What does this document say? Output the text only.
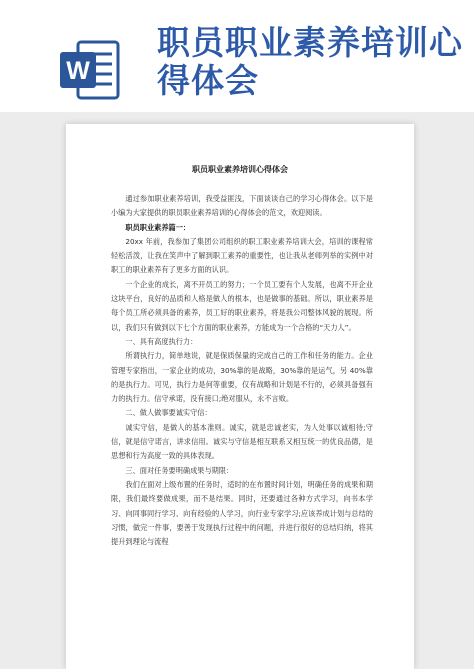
W
职员职业素养培训心得体会
职员职业素养培训心得体会

通过参加职业素养培训，我受益匪浅，下面谈谈自己的学习心得体会。以下是小编为大家提供的职员职业素养培训的心得体会的范文，欢迎阅读。

职员职业素养篇一：

20xx 年前，我参加了集团公司组织的职工职业素养培训大会，培训的课程常轻松活泼，让我在笑声中了解到职工素养的重要性，也让我从老师列举的实例中对职工的职业素养有了更多方面的认识。

一个企业的成长，离不开员工的努力；一个员工要有个人发展，也离不开企业这块平台，良好的品质和人格是做人的根本，也是做事的基础。所以，职业素养是每个员工所必须具备的素养，员工好的职业素养，将是我公司整体风貌的展现。所以，我们只有做到以下七个方面的职业素养，方能成为一个合格的“天力人”。

一、具有高度执行力：

所谓执行力，简单地说，就是保质保量的完成自己的工作和任务的能力。企业管理专家指出，一家企业的成功，30%靠的是战略，30%靠的是运气，另 40%靠的是执行力。可见，执行力是何等重要，仅有战略和计划是不行的，必须具备强有力的执行力。信守承诺，没有接口;绝对服从，永不言败。

二、做人做事要诚实守信：

诚实守信，是做人的基本准则。诚实，就是忠诚老实，为人处事以诚相待;守信，就是信守诺言，讲求信用。诚实与守信是相互联系又相互统一的优良品德，是思想和行为高度一致的具体表现。

三、面对任务要明确成果与期限：

我们在面对上级布置的任务时，适时的在布置时间计划，明确任务的成果和期限，我们最终要做成果，而不是结果。同时，还要通过各种方式学习，向书本学习、向同事同行学习、向有经验的人学习，向行业专家学习;应该养成计划与总结的习惯，做完一件事，要善于发现执行过程中的问题，并进行很好的总结归纳，将其提升到理论与流程
